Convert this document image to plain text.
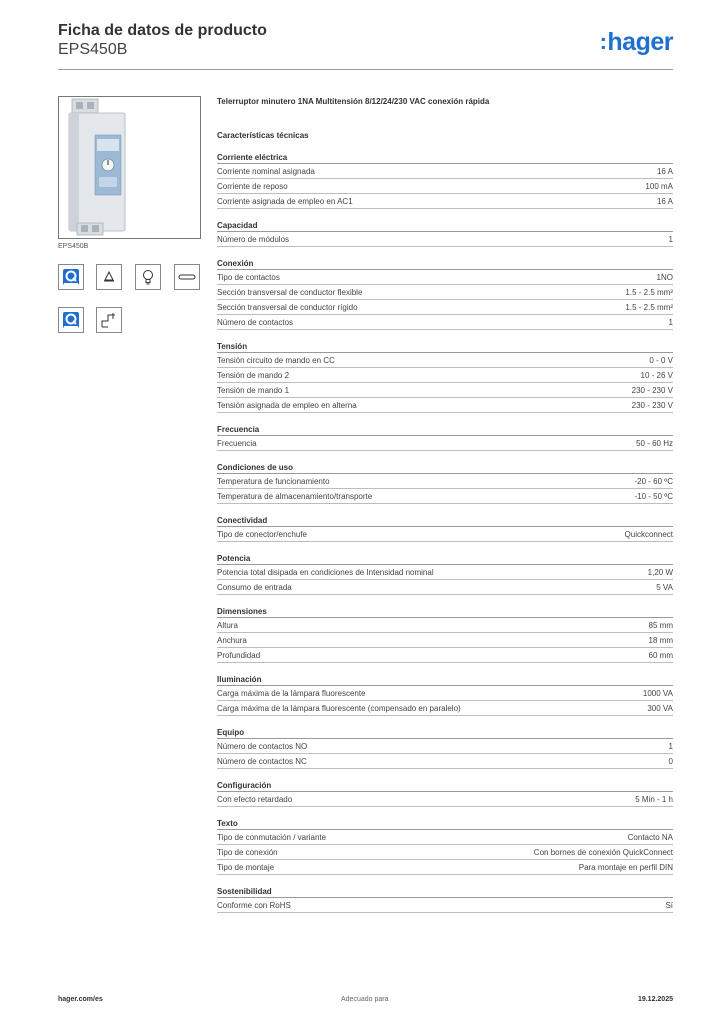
Ficha de datos de producto
EPS450B	:hager
EPS450B
Telerruptor minutero 1NA Multitensión 8/12/24/230 VAC conexión rápida
Características técnicas
Corriente eléctrica
Corriente nominal asignada	16 A
Corriente de reposo	100 mA
Corriente asignada de empleo en AC1	16 A
Capacidad
Número de módulos	1
Conexión
Tipo de contactos	1NO
Sección transversal de conductor flexible	1.5 - 2.5 mm²
Sección transversal de conductor rígido	1.5 - 2.5 mm²
Número de contactos	1
Tensión
Tensión circuito de mando en CC	0 - 0 V
Tensión de mando 2	10 - 26 V
Tensión de mando 1	230 - 230 V
Tensión asignada de empleo en alterna	230 - 230 V
Frecuencia
Frecuencia	50 - 60 Hz
Condiciones de uso
Temperatura de funcionamiento	-20 - 60 ºC
Temperatura de almacenamiento/transporte	-10 - 50 ºC
Conectividad
Tipo de conector/enchufe	Quickconnect
Potencia
Potencia total disipada en condiciones de Intensidad nominal	1,20 W
Consumo de entrada	5 VA
Dimensiones
Altura	85 mm
Anchura	18 mm
Profundidad	60 mm
Iluminación
Carga máxima de la lámpara fluorescente	1000 VA
Carga máxima de la lámpara fluorescente (compensado en paralelo)	300 VA
Equipo
Número de contactos NO	1
Número de contactos NC	0
Configuración
Con efecto retardado	5 Min - 1 h
Texto
Tipo de conmutación / variante	Contacto NA
Tipo de conexión	Con bornes de conexión QuickConnect
Tipo de montaje	Para montaje en perfil DIN
Sostenibilidad
Conforme con RoHS	Sí
hager.com/es	Adecuado para	19.12.2025
